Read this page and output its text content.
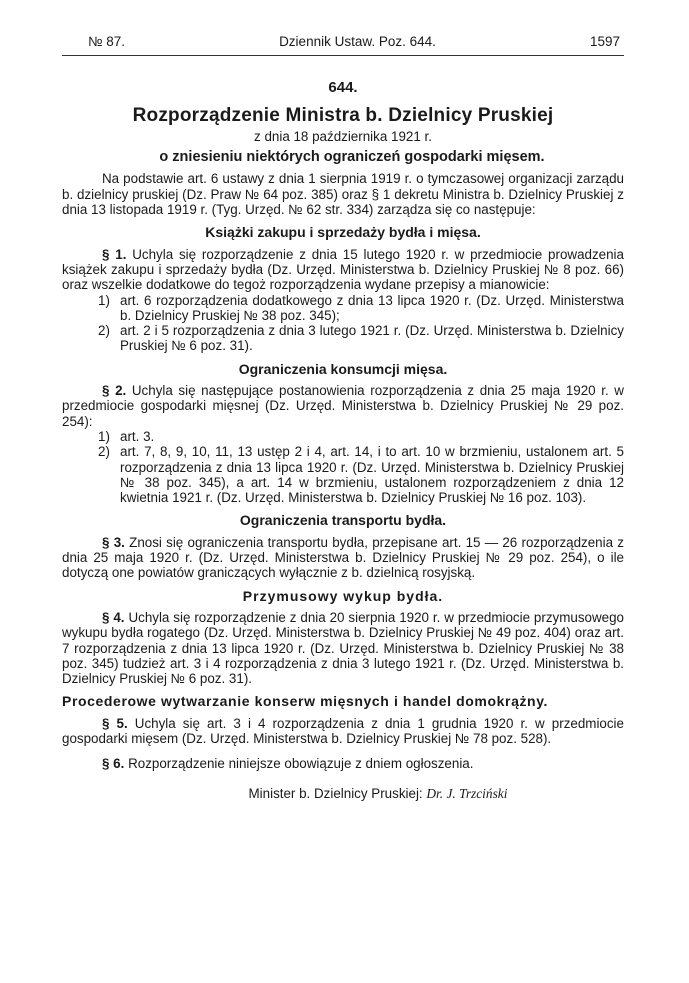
№ 87.	Dziennik Ustaw. Poz. 644.	1597
644.
Rozporządzenie Ministra b. Dzielnicy Pruskiej
z dnia 18 października 1921 r.
o zniesieniu niektórych ograniczeń gospodarki mięsem.

Na podstawie art. 6 ustawy z dnia 1 sierpnia 1919 r. o tymczasowej organizacji zarządu b. dzielnicy pruskiej (Dz. Praw № 64 poz. 385) oraz § 1 dekretu Ministra b. Dzielnicy Pruskiej z dnia 13 listopada 1919 r. (Tyg. Urzęd. № 62 str. 334) zarządza się co następuje:

Książki zakupu i sprzedaży bydła i mięsa.

§ 1. Uchyla się rozporządzenie z dnia 15 lutego 1920 r. w przedmiocie prowadzenia książek zakupu i sprzedaży bydła (Dz. Urzęd. Ministerstwa b. Dzielnicy Pruskiej № 8 poz. 66) oraz wszelkie dodatkowe do tegoż rozporządzenia wydane przepisy a mianowicie:

1) art. 6 rozporządzenia dodatkowego z dnia 13 lipca 1920 r. (Dz. Urzęd. Ministerstwa b. Dzielnicy Pruskiej № 38 poz. 345);
2) art. 2 i 5 rozporządzenia z dnia 3 lutego 1921 r. (Dz. Urzęd. Ministerstwa b. Dzielnicy Pruskiej № 6 poz. 31).
Ograniczenia konsumcji mięsa.

§ 2. Uchyla się następujące postanowienia rozporządzenia z dnia 25 maja 1920 r. w przedmiocie gospodarki mięsnej (Dz. Urzęd. Ministerstwa b. Dzielnicy Pruskiej № 29 poz. 254):

1) art. 3.
2) art. 7, 8, 9, 10, 11, 13 ustęp 2 i 4, art. 14, i to art. 10 w brzmieniu, ustalonem art. 5 rozporządzenia z dnia 13 lipca 1920 r. (Dz. Urzęd. Ministerstwa b. Dzielnicy Pruskiej № 38 poz. 345), a art. 14 w brzmieniu, ustalonem rozporządzeniem z dnia 12 kwietnia 1921 r. (Dz. Urzęd. Ministerstwa b. Dzielnicy Pruskiej № 16 poz. 103).
Ograniczenia transportu bydła.

§ 3. Znosi się ograniczenia transportu bydła, przepisane art. 15 — 26 rozporządzenia z dnia 25 maja 1920 r. (Dz. Urzęd. Ministerstwa b. Dzielnicy Pruskiej № 29 poz. 254), o ile dotyczą one powiatów graniczących wyłącznie z b. dzielnicą rosyjską.

Przymusowy wykup bydła.

§ 4. Uchyla się rozporządzenie z dnia 20 sierpnia 1920 r. w przedmiocie przymusowego wykupu bydła rogatego (Dz. Urzęd. Ministerstwa b. Dzielnicy Pruskiej № 49 poz. 404) oraz art. 7 rozporządzenia z dnia 13 lipca 1920 r. (Dz. Urzęd. Ministerstwa b. Dzielnicy Pruskiej № 38 poz. 345) tudzież art. 3 i 4 rozporządzenia z dnia 3 lutego 1921 r. (Dz. Urzęd. Ministerstwa b. Dzielnicy Pruskiej № 6 poz. 31).

Procederowe wytwarzanie konserw mięsnych i handel domokrążny.

§ 5. Uchyla się art. 3 i 4 rozporządzenia z dnia 1 grudnia 1920 r. w przedmiocie gospodarki mięsem (Dz. Urzęd. Ministerstwa b. Dzielnicy Pruskiej № 78 poz. 528).

§ 6. Rozporządzenie niniejsze obowiązuje z dniem ogłoszenia.

Minister b. Dzielnicy Pruskiej: Dr. J. Trzciński
